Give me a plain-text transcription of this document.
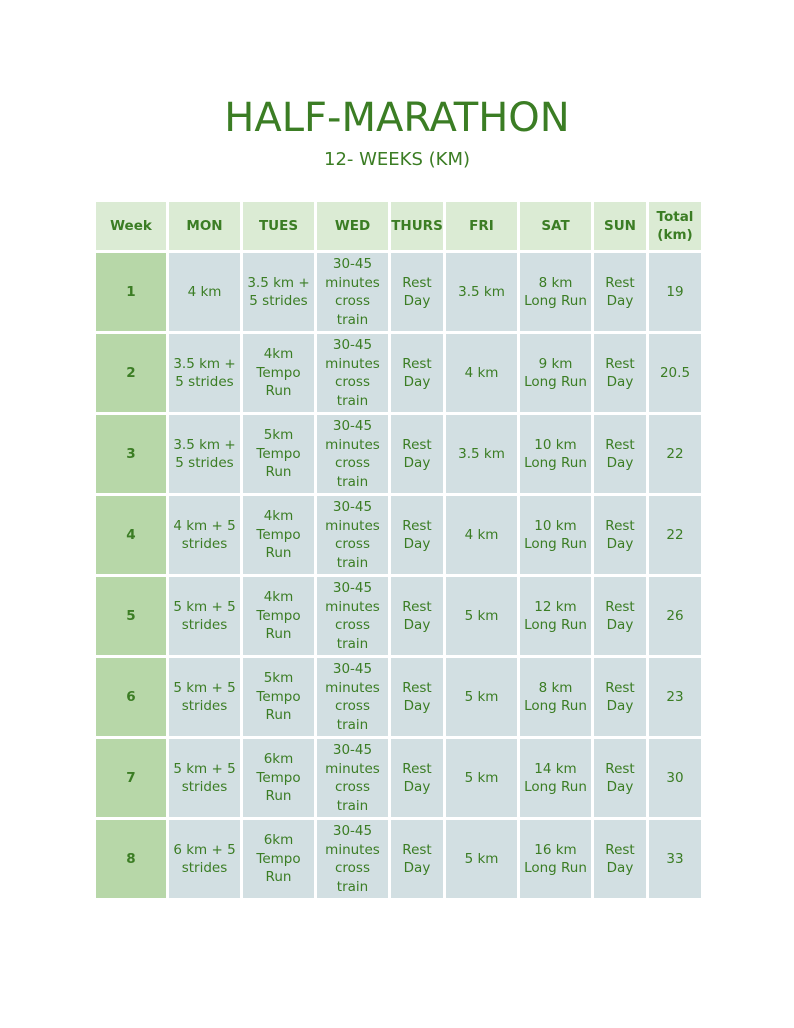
HALF-MARATHON
12- WEEKS (KM)
Week	MON	TUES	WED	THURS	FRI	SAT	SUN	Total
(km)
1	4 km	3.5 km +
5 strides	30-45
minutes
cross
train	Rest
Day	3.5 km	8 km
Long Run	Rest
Day	19
2	3.5 km +
5 strides	4km
Tempo
Run	30-45
minutes
cross
train	Rest
Day	4 km	9 km
Long Run	Rest
Day	20.5
3	3.5 km +
5 strides	5km
Tempo
Run	30-45
minutes
cross
train	Rest
Day	3.5 km	10 km
Long Run	Rest
Day	22
4	4 km + 5
strides	4km
Tempo
Run	30-45
minutes
cross
train	Rest
Day	4 km	10 km
Long Run	Rest
Day	22
5	5 km + 5
strides	4km
Tempo
Run	30-45
minutes
cross
train	Rest
Day	5 km	12 km
Long Run	Rest
Day	26
6	5 km + 5
strides	5km
Tempo
Run	30-45
minutes
cross
train	Rest
Day	5 km	8 km
Long Run	Rest
Day	23
7	5 km + 5
strides	6km
Tempo
Run	30-45
minutes
cross
train	Rest
Day	5 km	14 km
Long Run	Rest
Day	30
8	6 km + 5
strides	6km
Tempo
Run	30-45
minutes
cross
train	Rest
Day	5 km	16 km
Long Run	Rest
Day	33
